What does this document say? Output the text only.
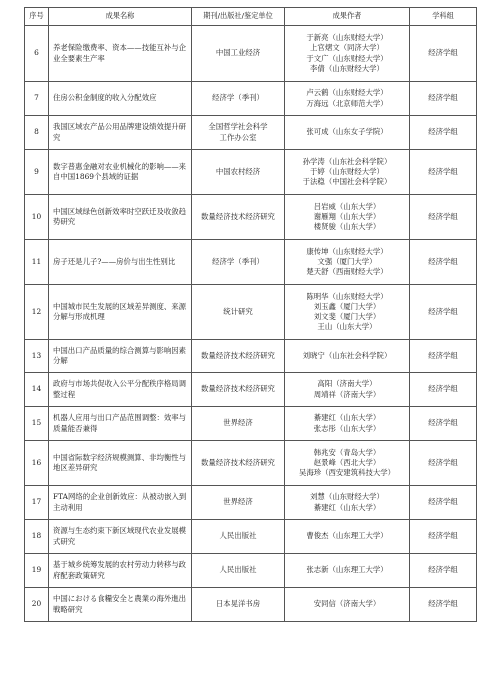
序号	成果名称	期刊/出版社/鉴定单位	成果作者	学科组
6	养老保险缴费率、资本——技能互补与企业全要素生产率	中国工业经济	于新亮（山东财经大学）
上官熠文（同济大学）
于文广（山东财经大学）
李倩（山东财经大学）	经济学组
7	住房公积金制度的收入分配效应	经济学（季刊）	卢云鹤（山东财经大学）
万海远（北京师范大学）	经济学组
8	我国区域农产品公用品牌建设绩效提升研究	全国哲学社会科学
工作办公室	张可成（山东女子学院）	经济学组
9	数字普惠金融对农业机械化的影响——来自中国1869个县域的证据	中国农村经济	孙学涛（山东社会科学院）
于婷（山东财经大学）
于法稳（中国社会科学院）	经济学组
10	中国区域绿色创新效率时空跃迁及收敛趋势研究	数量经济技术经济研究	吕岩威（山东大学）
谢雁翔（山东大学）
楼贤骏（山东大学）	经济学组
11	房子还是儿子?——房价与出生性别比	经济学（季刊）	康传坤（山东财经大学）
文强（厦门大学）
楚天舒（西南财经大学）	经济学组
12	中国城市民生发展的区域差异测度、来源分解与形成机理	统计研究	陈明华（山东财经大学）
刘玉鑫（厦门大学）
刘文斐（厦门大学）
王山（山东大学）	经济学组
13	中国出口产品质量的综合测算与影响因素分解	数量经济技术经济研究	刘晓宁（山东社会科学院）	经济学组
14	政府与市场共促收入公平分配秩序格局调整过程	数量经济技术经济研究	高阳（济南大学）
周靖祥（济南大学）	经济学组
15	机器人应用与出口产品范围调整：效率与质量能否兼得	世界经济	綦建红（山东大学）
张志彤（山东大学）	经济学组
16	中国省际数字经济规模测算、非均衡性与地区差异研究	数量经济技术经济研究	韩兆安（青岛大学）
赵景峰（西北大学）
吴海珍（西安建筑科技大学）	经济学组
17	FTA网络的企业创新效应：从被动嵌入到主动利用	世界经济	刘慧（山东财经大学）
綦建红（山东大学）	经济学组
18	资源与生态约束下新区域现代农业发展模式研究	人民出版社	曹俊杰（山东理工大学）	经济学组
19	基于城乡统筹发展的农村劳动力转移与政府配套政策研究	人民出版社	张志新（山东理工大学）	经济学组
20	中国における食糧安全と農業の海外進出戦略研究	日本晃洋书房	安同信（济南大学）	经济学组
